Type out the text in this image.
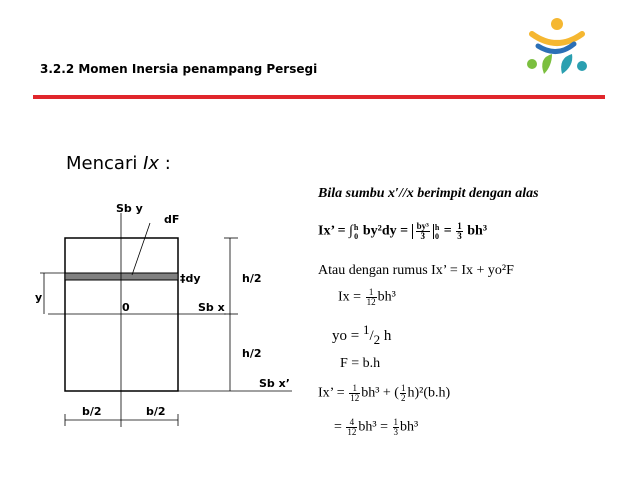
3.2.2 Momen Inersia penampang Persegi
Mencari Ix :
Sb y
dF
‡dy	h/2
y
0	Sb x
h/2
Sb x’
b/2	b/2
Bila sumbu x′//x berimpit dengan alas
Ix’ = ∫ h
0 $by^2dy = \frac{\text{by³}}{3}$ h
$0 = \frac{1}{3} bh^3$
Atau dengan rumus Ix’ = Ix + yo²F
$Ix = \frac{1}{12} bh^3$
yo = $^1/_2$ h
F = b.h
Ix’ = $\frac{1}{12} bh^3$ + ( $\frac{1}{2} h)^2(b.h)$
= $\frac{4}{12} bh^3 = \frac{1}{3} bh^3$
